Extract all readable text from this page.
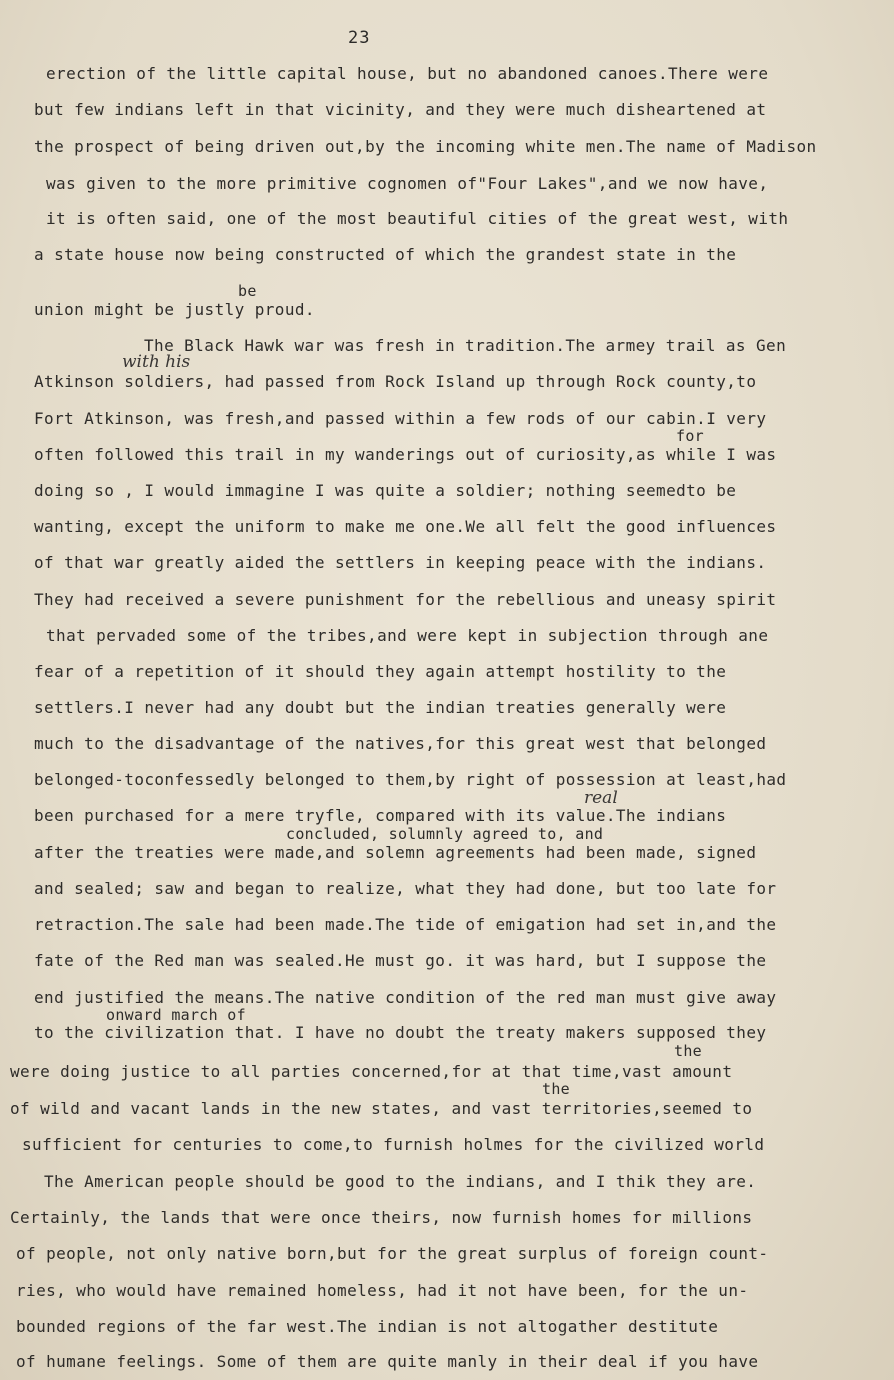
23
be
with his
for
real
concluded, solumnly agreed to, and
onward march of
the
the
erection of the little capital house, but no abandoned canoes.There were
but few indians left in that vicinity, and they were much disheartened at
the prospect of being driven out,by the incoming white men.The name of Madison
was given to the more primitive cognomen of"Four Lakes",and we now have,
it is often said, one of the most beautiful cities of the great west, with
a state house now being constructed of which the grandest state in the
union might be justly proud.
The Black Hawk war was fresh in tradition.The armey trail as Gen
Atkinson soldiers, had passed from Rock Island up through Rock county,to
Fort Atkinson, was fresh,and passed within a few rods of our cabin.I very
often followed this trail in my wanderings out of curiosity,as while I was
doing so , I would immagine I was quite a soldier; nothing seemedto be
wanting, except the uniform to make me one.We all felt the good influences
of that war greatly aided the settlers in keeping peace with the indians.
They had received a severe punishment for the rebellious and uneasy spirit
that pervaded some of the tribes,and were kept in subjection through ane
fear of a repetition of it should they again attempt hostility to the
settlers.I never had any doubt but the indian treaties generally were
much to the disadvantage of the natives,for this great west that belonged
belonged-toconfessedly belonged to them,by right of possession at least,had
been purchased for a mere tryfle, compared with its value.The indians
after the treaties were made,and solemn agreements had been made, signed
and sealed; saw and began to realize, what they had done, but too late for
retraction.The sale had been made.The tide of emigation had set in,and the
fate of the Red man was sealed.He must go. it was hard, but I suppose the
end justified the means.The native condition of the red man must give away
to the civilization that. I have no doubt the treaty makers supposed they
were doing justice to all parties concerned,for at that time,vast amount
of wild and vacant lands in the new states, and vast territories,seemed to
sufficient for centuries to come,to furnish holmes for the civilized world
The American people should be good to the indians, and I thik they are.
Certainly, the lands that were once theirs, now furnish homes for millions
of people, not only native born,but for the great surplus of foreign count-
ries, who would have remained homeless, had it not have been, for the un-
bounded regions of the far west.The indian is not altogather destitute
of humane feelings. Some of them are quite manly in their deal if you have
